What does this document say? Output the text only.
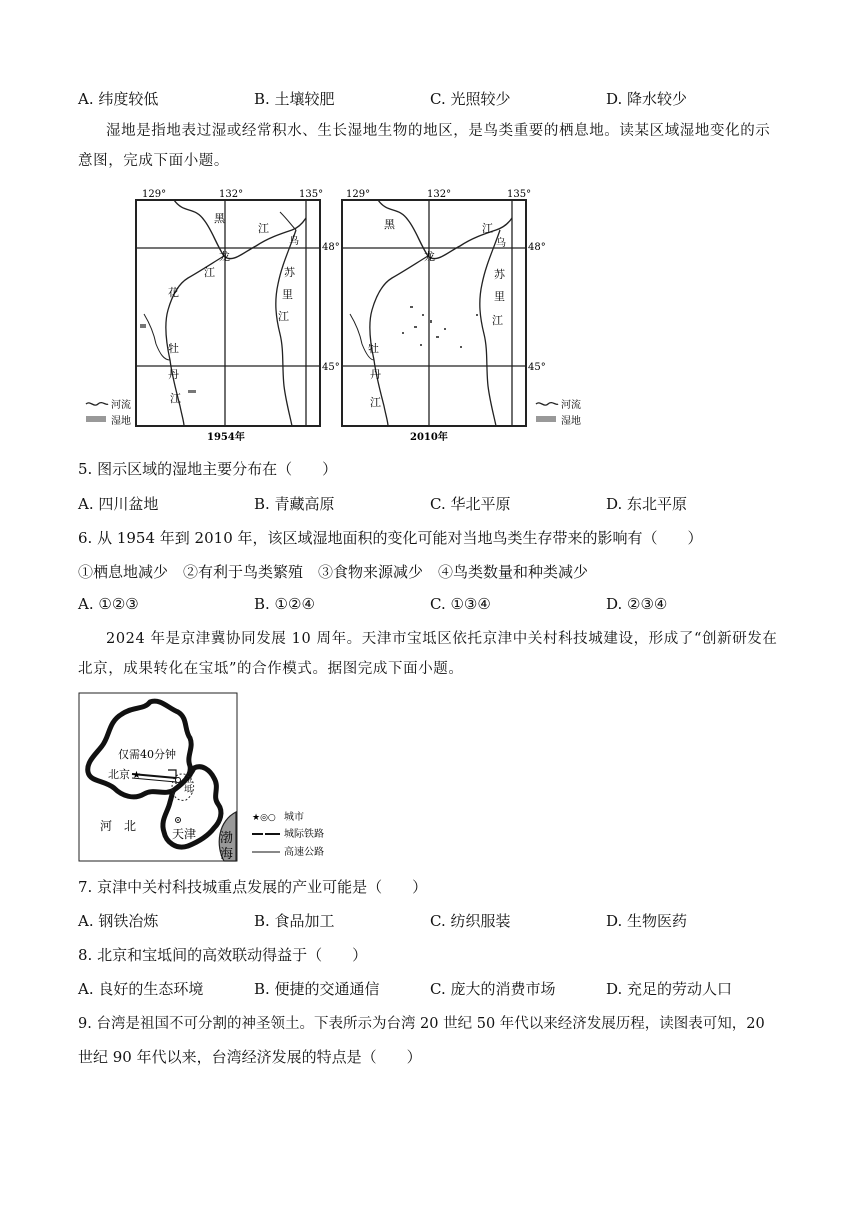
A. 纬度较低	B. 土壤较肥	C. 光照较少	D. 降水较少
湿地是指地表过湿或经常积水、生长湿地生物的地区，是鸟类重要的栖息地。读某区域湿地变化的示意图，完成下面小题。
129°	132°	135° 129°	132°	135°
黑
龙
江
乌
苏
里
江
花
江
牡
丹
江
1954年
黑
龙
江
乌
苏
里
江
牡
丹
江
2010年
48°
45°
48°
45°
河流
湿地
河流
湿地
5. 图示区域的湿地主要分布在（　　）
A. 四川盆地	B. 青藏高原	C. 华北平原	D. 东北平原
6. 从 1954 年到 2010 年，该区域湿地面积的变化可能对当地鸟类生存带来的影响有（　　）
①栖息地减少　②有利于鸟类繁殖　③食物来源减少　④鸟类数量和种类减少
A. ①②③	B. ①②④	C. ①③④	D. ②③④
2024 年是京津冀协同发展 10 周年。天津市宝坻区依托京津中关村科技城建设，形成了“创新研发在北京，成果转化在宝坻”的合作模式。据图完成下面小题。
渤
海
仅需40分钟
北京 ★	宝
坻
天津
河　北
★◎○ 城市
城际铁路
高速公路
7. 京津中关村科技城重点发展的产业可能是（　　）
A. 钢铁冶炼	B. 食品加工	C. 纺织服装	D. 生物医药
8. 北京和宝坻间的高效联动得益于（　　）
A. 良好的生态环境	B. 便捷的交通通信	C. 庞大的消费市场	D. 充足的劳动人口
9. 台湾是祖国不可分割的神圣领土。下表所示为台湾 20 世纪 50 年代以来经济发展历程，读图表可知，20
世纪 90 年代以来，台湾经济发展的特点是（　　）
